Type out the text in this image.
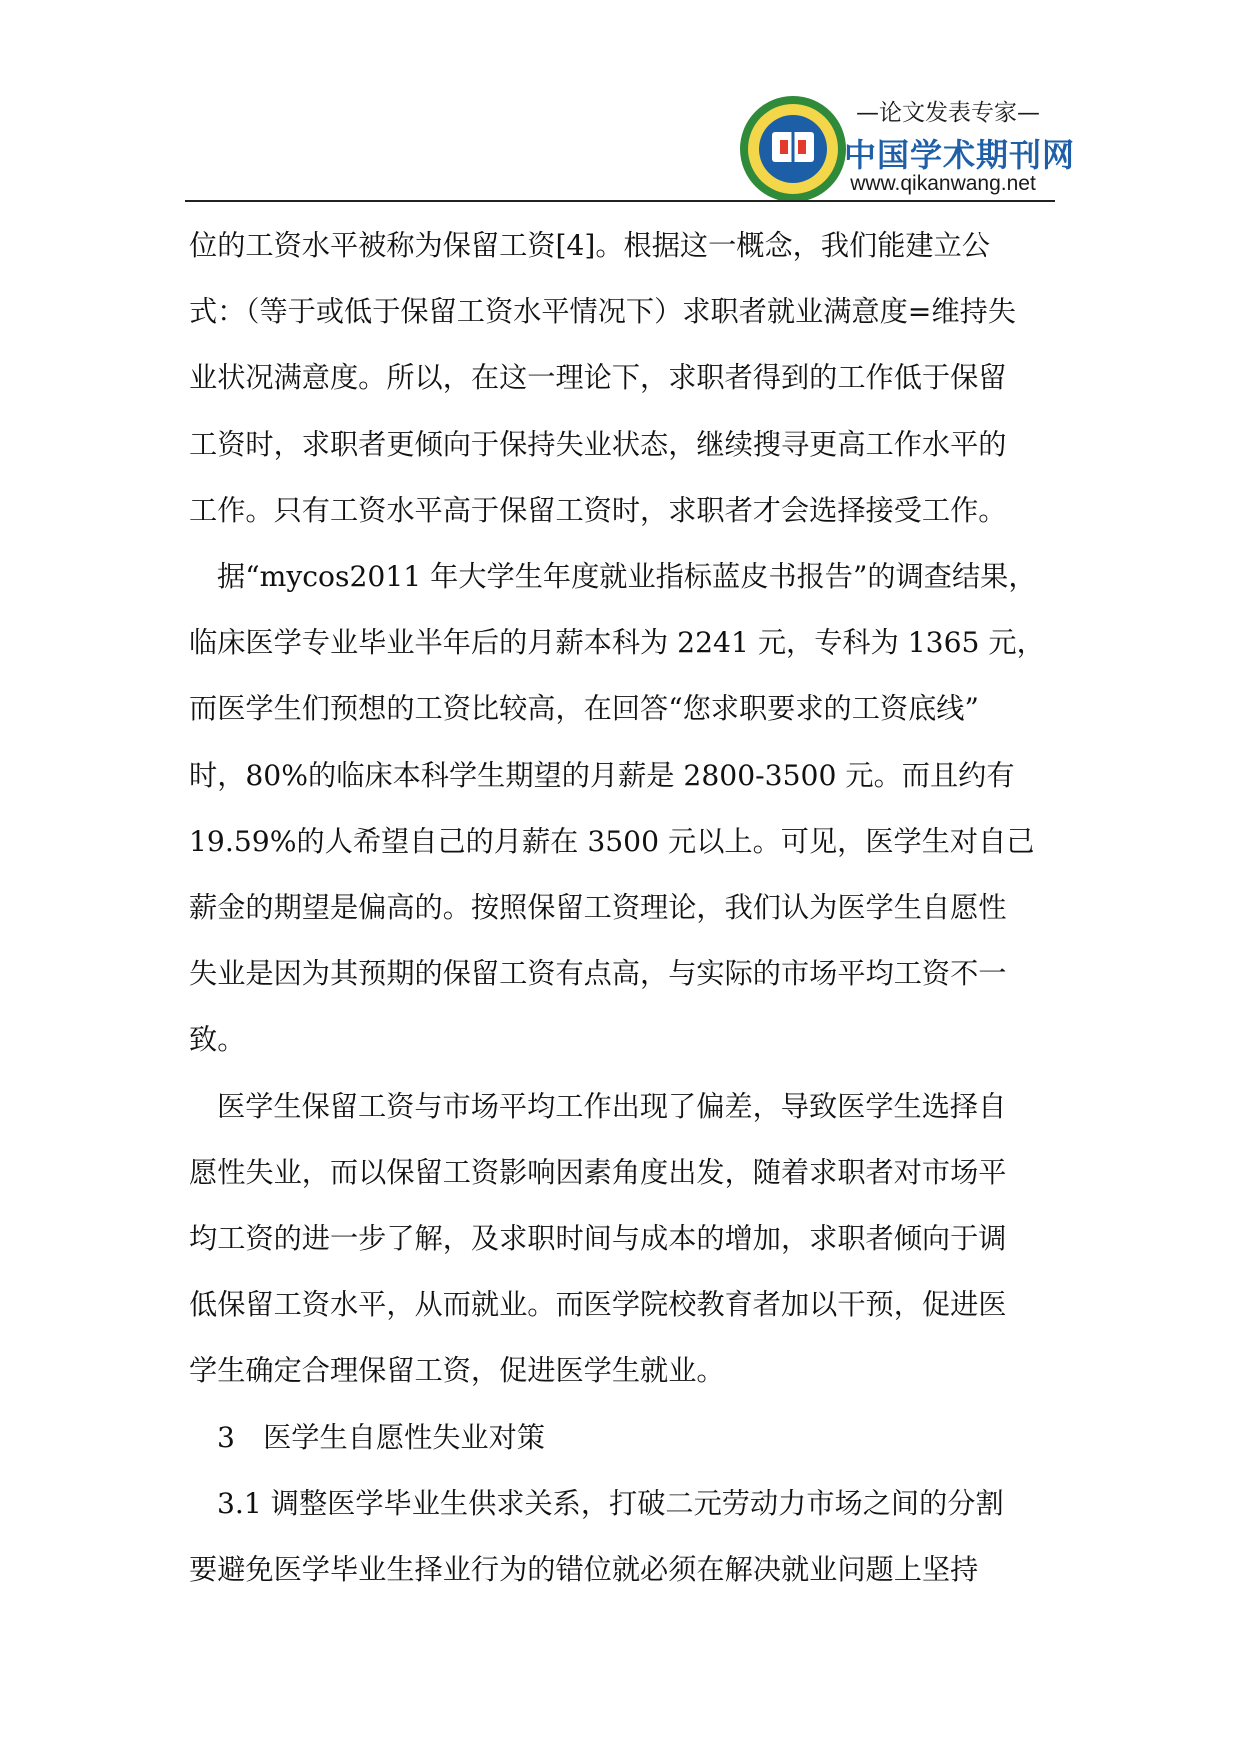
—论文发表专家—
中国学术期刊网
www.qikanwang.net

位的工资水平被称为保留工资[4]。根据这一概念，我们能建立公

式：（等于或低于保留工资水平情况下）求职者就业满意度=维持失

业状况满意度。所以，在这一理论下，求职者得到的工作低于保留

工资时，求职者更倾向于保持失业状态，继续搜寻更高工作水平的

工作。只有工资水平高于保留工资时，求职者才会选择接受工作。

据“mycos2011 年大学生年度就业指标蓝皮书报告”的调查结果，

临床医学专业毕业半年后的月薪本科为 2241 元，专科为 1365 元，

而医学生们预想的工资比较高，在回答“您求职要求的工资底线”

时，80%的临床本科学生期望的月薪是 2800-3500 元。而且约有

19.59%的人希望自己的月薪在 3500 元以上。可见，医学生对自己

薪金的期望是偏高的。按照保留工资理论，我们认为医学生自愿性

失业是因为其预期的保留工资有点高，与实际的市场平均工资不一

致。

医学生保留工资与市场平均工作出现了偏差，导致医学生选择自

愿性失业，而以保留工资影响因素角度出发，随着求职者对市场平

均工资的进一步了解，及求职时间与成本的增加，求职者倾向于调

低保留工资水平，从而就业。而医学院校教育者加以干预，促进医

学生确定合理保留工资，促进医学生就业。

3　医学生自愿性失业对策

3.1 调整医学毕业生供求关系，打破二元劳动力市场之间的分割

要避免医学毕业生择业行为的错位就必须在解决就业问题上坚持
